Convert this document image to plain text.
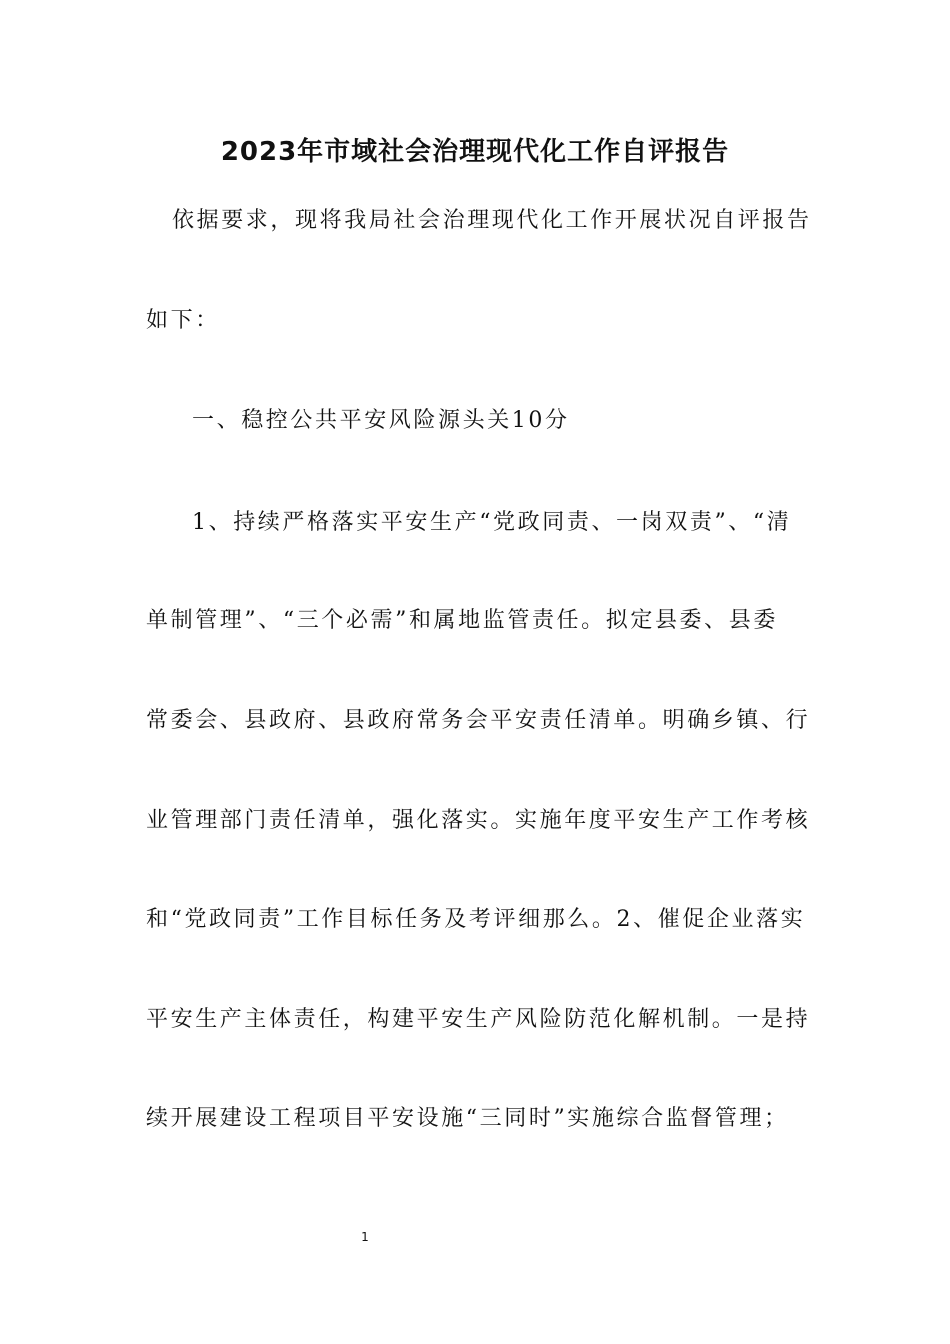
2023年市域社会治理现代化工作自评报告

依据要求，现将我局社会治理现代化工作开展状况自评报告

如下：

一、稳控公共平安风险源头关10分

1、持续严格落实平安生产“党政同责、一岗双责”、“清

单制管理”、“三个必需”和属地监管责任。拟定县委、县委

常委会、县政府、县政府常务会平安责任清单。明确乡镇、行

业管理部门责任清单，强化落实。实施年度平安生产工作考核

和“党政同责”工作目标任务及考评细那么。2、催促企业落实

平安生产主体责任，构建平安生产风险防范化解机制。一是持

续开展建设工程项目平安设施“三同时”实施综合监督管理；

1
